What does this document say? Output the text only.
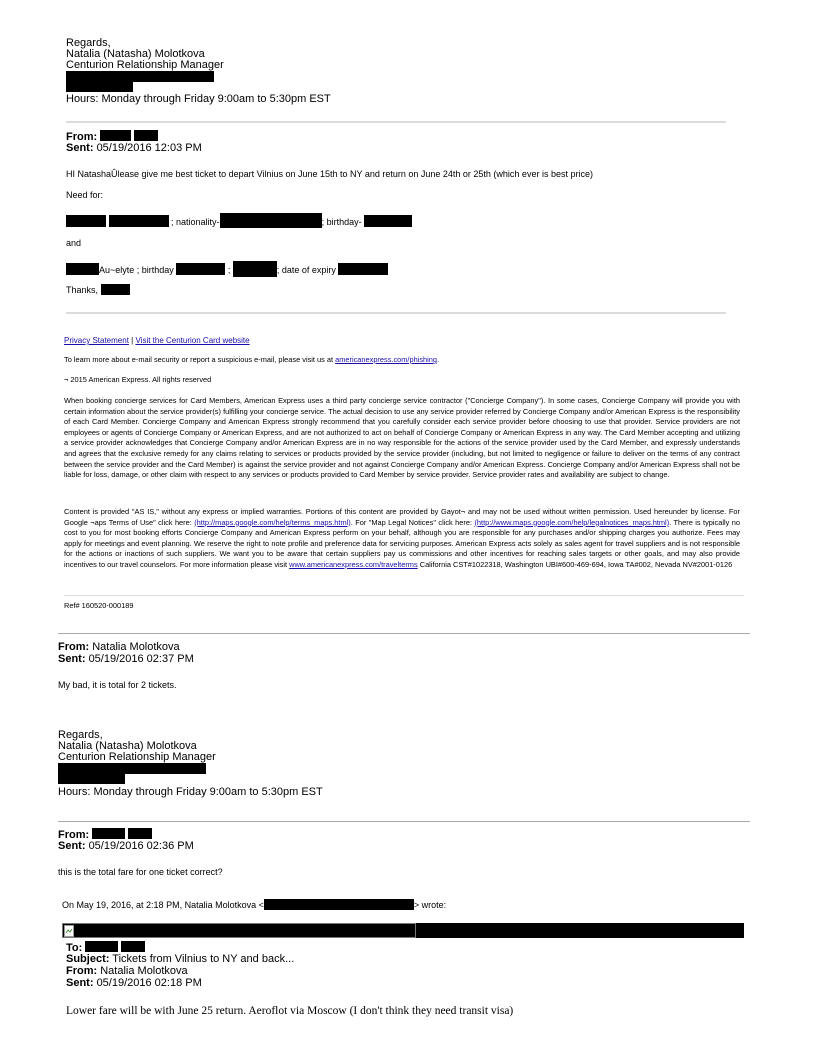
Regards,
Natalia (Natasha) Molotkova
Centurion Relationship Manager
Hours: Monday through Friday 9:00am to 5:30pm EST
From:
Sent: 05/19/2016 12:03 PM
HI NatashaÛlease give me best ticket to depart Vilnius on June 15th to NY and return on June 24th or 25th (which ever is best price)
Need for:
; nationality-	; birthday-
and
Au~elyte ; birthday	;	; date of expiry
Thanks,
Privacy Statement | Visit the Centurion Card website
To learn more about e-mail security or report a suspicious e-mail, please visit us at americanexpress.com/phishing.
¬ 2015 American Express. All rights reserved
When booking concierge services for Card Members, American Express uses a third party concierge service contractor ("Concierge Company"). In some cases, Concierge Company will provide you with certain information about the service provider(s) fulfilling your concierge service. The actual decision to use any service provider referred by Concierge Company and/or American Express is the responsibility of each Card Member. Concierge Company and American Express strongly recommend that you carefully consider each service provider before choosing to use that provider. Service providers are not employees or agents of Concierge Company or American Express, and are not authorized to act on behalf of Concierge Company or American Express in any way. The Card Member accepting and utilizing a service provider acknowledges that Concierge Company and/or American Express are in no way responsible for the actions of the service provider used by the Card Member, and expressly understands and agrees that the exclusive remedy for any claims relating to services or products provided by the service provider (including, but not limited to negligence or failure to deliver on the terms of any contract between the service provider and the Card Member) is against the service provider and not against Concierge Company and/or American Express. Concierge Company and/or American Express shall not be liable for loss, damage, or other claim with respect to any services or products provided to Card Member by service provider. Service provider rates and availability are subject to change.
Content is provided "AS IS," without any express or implied warranties. Portions of this content are provided by Gayot¬ and may not be used without written permission. Used hereunder by license. For Google ¬aps Terms of Use" click here: (http://maps.google.com/help/terms_maps.html). For "Map Legal Notices" click here: (http://www.maps.google.com/help/legalnotices_maps.html). There is typically no cost to you for most booking efforts Concierge Company and American Express perform on your behalf, although you are responsible for any purchases and/or shipping charges you authorize. Fees may apply for meetings and event planning. We reserve the right to note profile and preference data for servicing purposes. American Express acts solely as sales agent for travel suppliers and is not responsible for the actions or inactions of such suppliers. We want you to be aware that certain suppliers pay us commissions and other incentives for reaching sales targets or other goals, and may also provide incentives to our travel counselors. For more information please visit www.americanexpress.com/travelterms California CST#1022318, Washington UBI#600-469-694, Iowa TA#002, Nevada NV#2001-0126
Ref# 160520-000189
From: Natalia Molotkova
Sent: 05/19/2016 02:37 PM
My bad, it is total for 2 tickets.
Regards,
Natalia (Natasha) Molotkova
Centurion Relationship Manager
Hours: Monday through Friday 9:00am to 5:30pm EST
From:
Sent: 05/19/2016 02:36 PM
this is the total fare for one ticket correct?
On May 19, 2016, at 2:18 PM, Natalia Molotkova <	> wrote:
To:
Subject: Tickets from Vilnius to NY and back...
From: Natalia Molotkova
Sent: 05/19/2016 02:18 PM
Lower fare will be with June 25 return. Aeroflot via Moscow (I don't think they need transit visa)
